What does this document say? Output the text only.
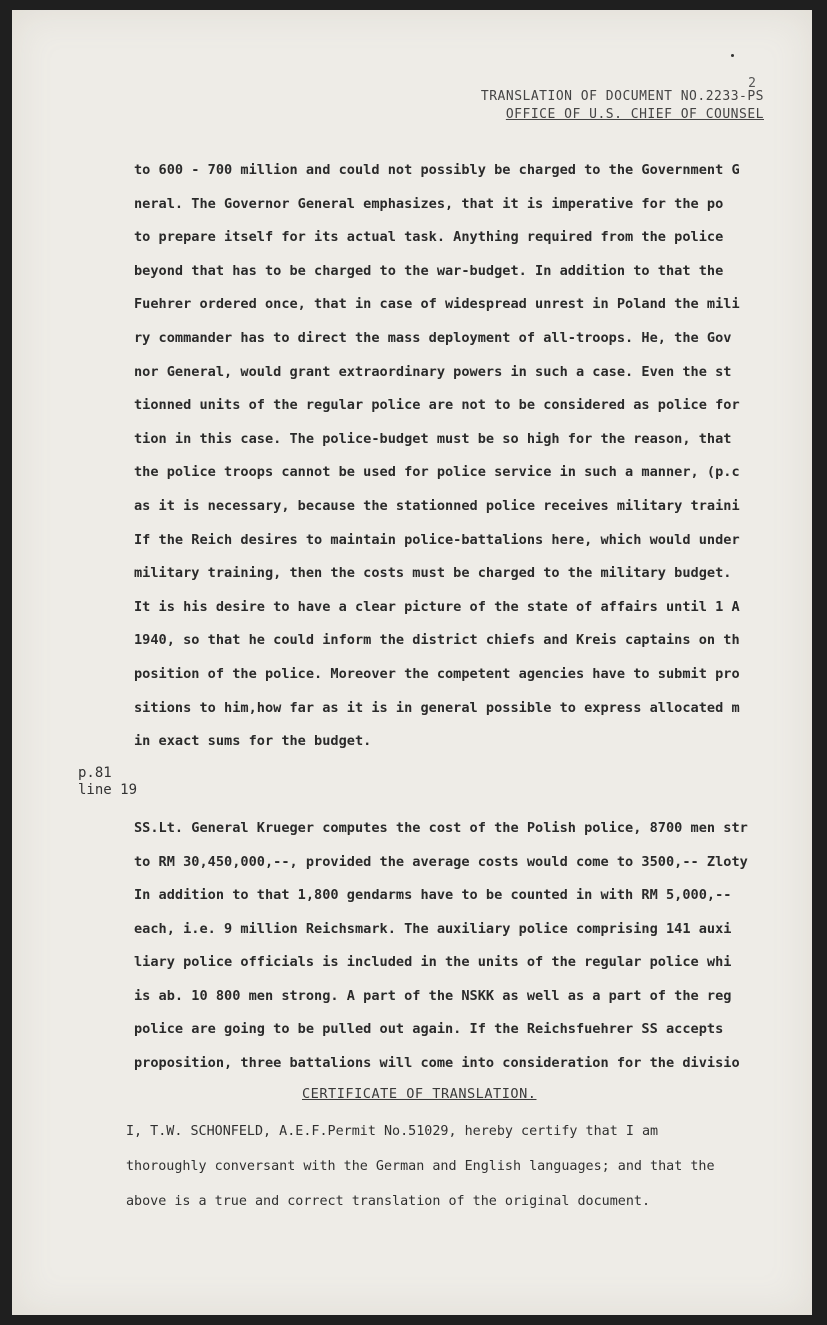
2
TRANSLATION OF DOCUMENT NO.2233-PS
OFFICE OF U.S. CHIEF OF COUNSEL
to 600 - 700 million and could not possibly be charged to the Government G
neral. The Governor General emphasizes, that it is imperative for the po
to prepare itself for its actual task. Anything required from the police
beyond that has to be charged to the war-budget. In addition to that the
Fuehrer ordered once, that in case of widespread unrest in Poland the mili
ry commander has to direct the mass deployment of all-troops. He, the Gov
nor General, would grant extraordinary powers in such a case. Even the st
tionned units of the regular police are not to be considered as police for
tion in this case. The police-budget must be so high for the reason, that
the police troops cannot be used for police service in such a manner, (p.c
as it is necessary, because the stationned police receives military traini
If the Reich desires to maintain police-battalions here, which would under
military training, then the costs must be charged to the military budget.
It is his desire to have a clear picture of the state of affairs until 1 A
1940, so that he could inform the district chiefs and Kreis captains on th
position of the police. Moreover the competent agencies have to submit pro
sitions to him,how far as it is in general possible to express allocated m
in exact sums for the budget.
p.81
line 19
SS.Lt. General Krueger computes the cost of the Polish police, 8700 men str
to RM 30,450,000,--, provided the average costs would come to 3500,-- Zloty
In addition to that 1,800 gendarms have to be counted in with RM 5,000,--
each, i.e. 9 million Reichsmark. The auxiliary police comprising 141 auxi
liary police officials is included in the units of the regular police whi
is ab. 10 800 men strong. A part of the NSKK as well as a part of the reg
police are going to be pulled out again. If the Reichsfuehrer SS accepts
proposition, three battalions will come into consideration for the divisio
CERTIFICATE OF TRANSLATION.
I, T.W. SCHONFELD, A.E.F.Permit No.51029, hereby certify that I am
thoroughly conversant with the German and English languages; and that the
above is a true and correct translation of the original document.
